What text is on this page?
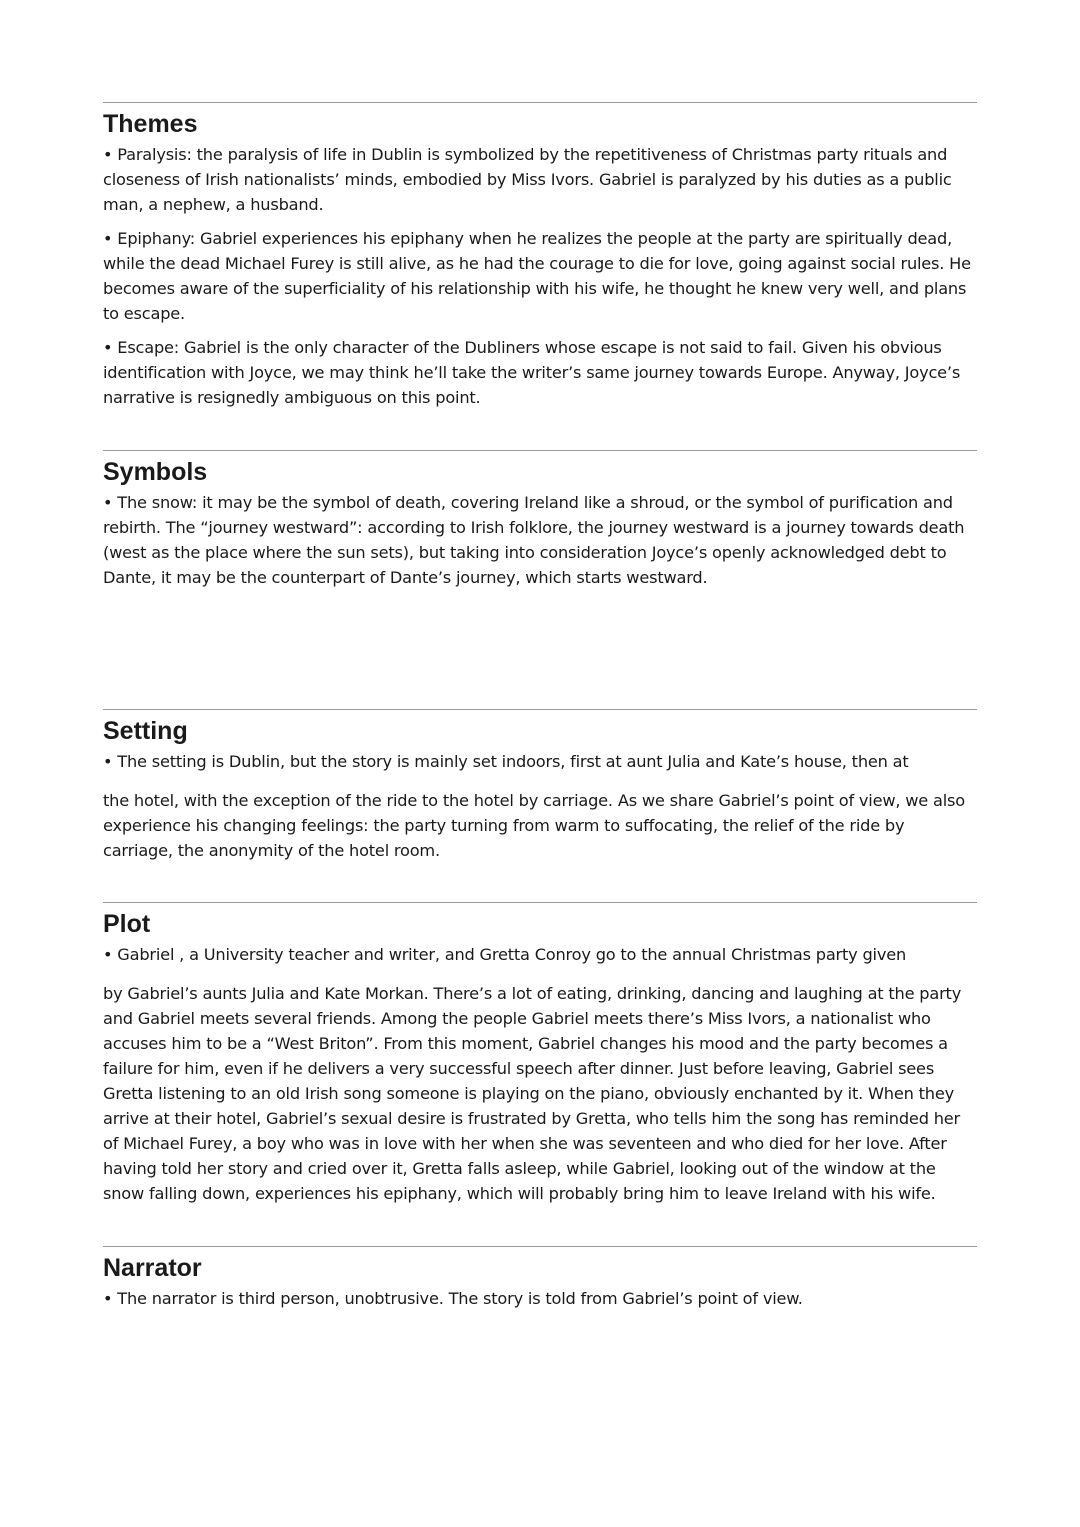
Themes

• Paralysis: the paralysis of life in Dublin is symbolized by the repetitiveness of Christmas party rituals and closeness of Irish nationalists’ minds, embodied by Miss Ivors. Gabriel is paralyzed by his duties as a public man, a nephew, a husband.

• Epiphany: Gabriel experiences his epiphany when he realizes the people at the party are spiritually dead, while the dead Michael Furey is still alive, as he had the courage to die for love, going against social rules. He becomes aware of the superficiality of his relationship with his wife, he thought he knew very well, and plans to escape.

• Escape: Gabriel is the only character of the Dubliners whose escape is not said to fail. Given his obvious identification with Joyce, we may think he’ll take the writer’s same journey towards Europe. Anyway, Joyce’s narrative is resignedly ambiguous on this point.

Symbols

• The snow: it may be the symbol of death, covering Ireland like a shroud, or the symbol of purification and rebirth. The “journey westward”: according to Irish folklore, the journey westward is a journey towards death (west as the place where the sun sets), but taking into consideration Joyce’s openly acknowledged debt to Dante, it may be the counterpart of Dante’s journey, which starts westward.

Setting

• The setting is Dublin, but the story is mainly set indoors, first at aunt Julia and Kate’s house, then at

the hotel, with the exception of the ride to the hotel by carriage. As we share Gabriel’s point of view, we also experience his changing feelings: the party turning from warm to suffocating, the relief of the ride by carriage, the anonymity of the hotel room.

Plot

• Gabriel , a University teacher and writer, and Gretta Conroy go to the annual Christmas party given

by Gabriel’s aunts Julia and Kate Morkan. There’s a lot of eating, drinking, dancing and laughing at the party and Gabriel meets several friends. Among the people Gabriel meets there’s Miss Ivors, a nationalist who accuses him to be a “West Briton”. From this moment, Gabriel changes his mood and the party becomes a failure for him, even if he delivers a very successful speech after dinner. Just before leaving, Gabriel sees Gretta listening to an old Irish song someone is playing on the piano, obviously enchanted by it. When they arrive at their hotel, Gabriel’s sexual desire is frustrated by Gretta, who tells him the song has reminded her of Michael Furey, a boy who was in love with her when she was seventeen and who died for her love. After having told her story and cried over it, Gretta falls asleep, while Gabriel, looking out of the window at the snow falling down, experiences his epiphany, which will probably bring him to leave Ireland with his wife.

Narrator

• The narrator is third person, unobtrusive. The story is told from Gabriel’s point of view.
